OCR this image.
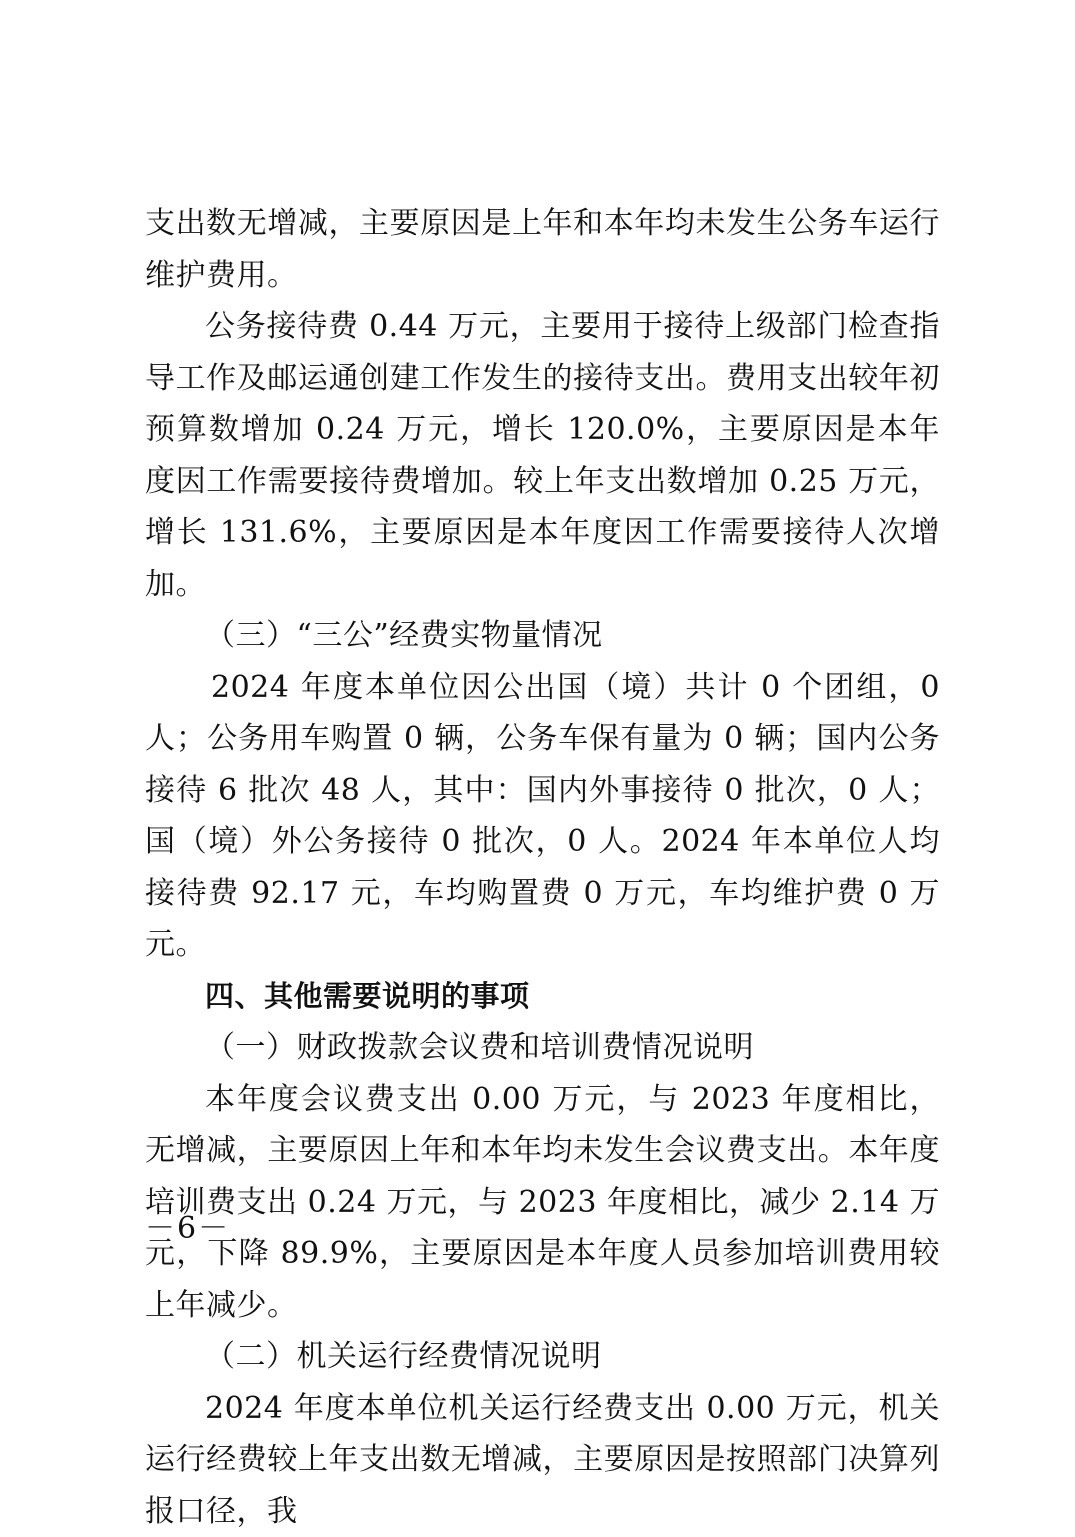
支出数无增减，主要原因是上年和本年均未发生公务车运行维护费用。

公务接待费 0.44 万元，主要用于接待上级部门检查指导工作及邮运通创建工作发生的接待支出。费用支出较年初预算数增加 0.24 万元，增长 120.0%，主要原因是本年度因工作需要接待费增加。较上年支出数增加 0.25 万元，增长 131.6%，主要原因是本年度因工作需要接待人次增加。

（三）“三公”经费实物量情况

2024 年度本单位因公出国（境）共计 0 个团组，0 人；公务用车购置 0 辆，公务车保有量为 0 辆；国内公务接待 6 批次 48 人，其中：国内外事接待 0 批次，0 人；国（境）外公务接待 0 批次，0 人。2024 年本单位人均接待费 92.17 元，车均购置费 0 万元，车均维护费 0 万元。

四、其他需要说明的事项

（一）财政拨款会议费和培训费情况说明

本年度会议费支出 0.00 万元，与 2023 年度相比，无增减，主要原因上年和本年均未发生会议费支出。本年度培训费支出 0.24 万元，与 2023 年度相比，减少 2.14 万元，下降 89.9%，主要原因是本年度人员参加培训费用较上年减少。

（二）机关运行经费情况说明

2024 年度本单位机关运行经费支出 0.00 万元，机关运行经费较上年支出数无增减，主要原因是按照部门决算列报口径，我

－6－
